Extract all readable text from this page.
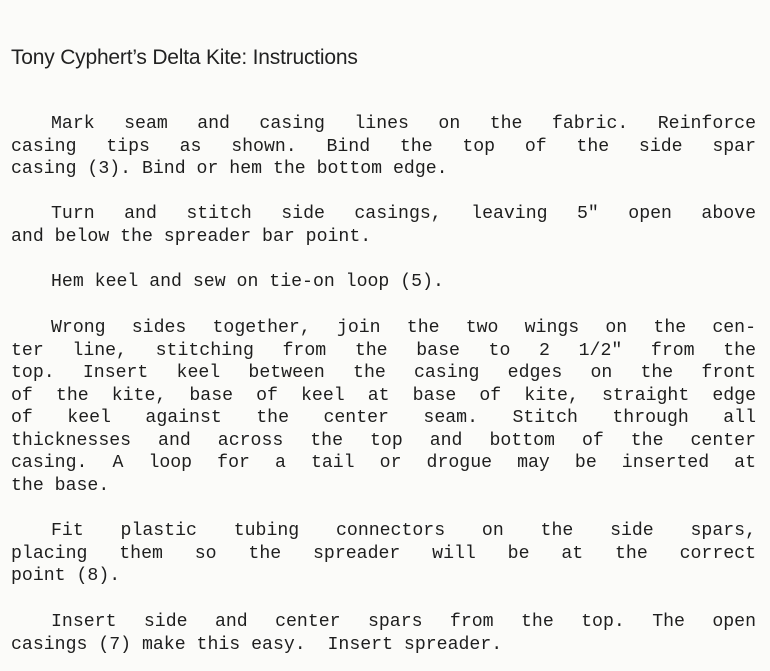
Tony Cyphert’s Delta Kite: Instructions
Mark seam and casing lines on the fabric. Reinforce
casing tips as shown. Bind the top of the side spar
casing (3). Bind or hem the bottom edge.
Turn and stitch side casings, leaving 5" open above
and below the spreader bar point.
Hem keel and sew on tie-on loop (5).
Wrong sides together, join the two wings on the cen-
ter line, stitching from the base to 2 1/2" from the
top. Insert keel between the casing edges on the front
of the kite, base of keel at base of kite, straight edge
of keel against the center seam. Stitch through all
thicknesses and across the top and bottom of the center
casing. A loop for a tail or drogue may be inserted at
the base.
Fit plastic tubing connectors on the side spars,
placing them so the spreader will be at the correct
point (8).
Insert side and center spars from the top. The open
casings (7) make this easy.  Insert spreader.
